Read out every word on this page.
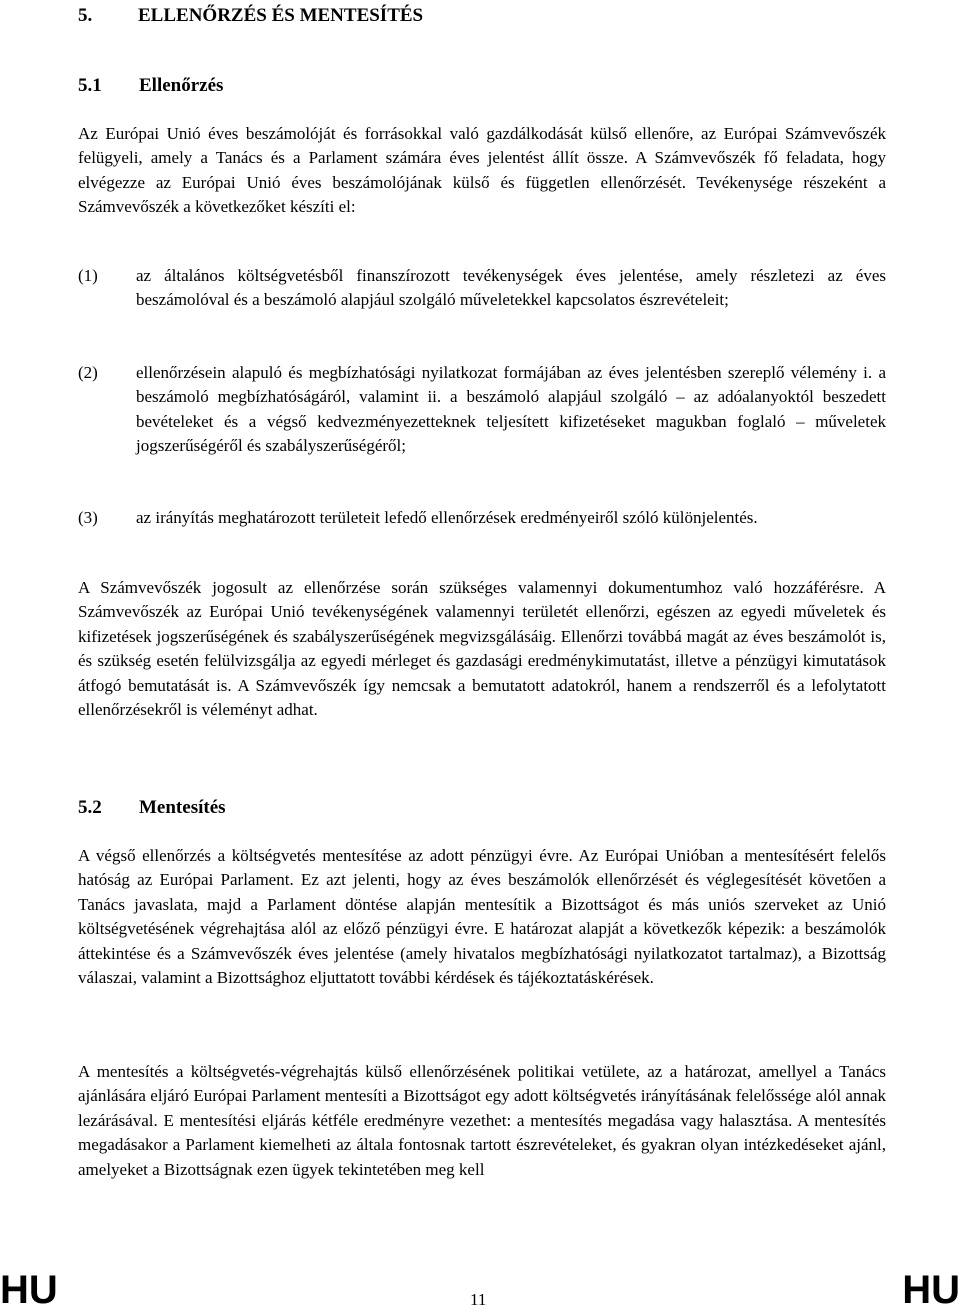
5. ELLENŐRZÉS ÉS MENTESÍTÉS
5.1 Ellenőrzés

Az Európai Unió éves beszámolóját és forrásokkal való gazdálkodását külső ellenőre, az Európai Számvevőszék felügyeli, amely a Tanács és a Parlament számára éves jelentést állít össze. A Számvevőszék fő feladata, hogy elvégezze az Európai Unió éves beszámolójának külső és független ellenőrzését. Tevékenysége részeként a Számvevőszék a következőket készíti el:

(1) az általános költségvetésből finanszírozott tevékenységek éves jelentése, amely részletezi az éves beszámolóval és a beszámoló alapjául szolgáló műveletekkel kapcsolatos észrevételeit;

(2) ellenőrzésein alapuló és megbízhatósági nyilatkozat formájában az éves jelentésben szereplő vélemény i. a beszámoló megbízhatóságáról, valamint ii. a beszámoló alapjául szolgáló – az adóalanyoktól beszedett bevételeket és a végső kedvezményezetteknek teljesített kifizetéseket magukban foglaló – műveletek jogszerűségéről és szabályszerűségéről;

(3) az irányítás meghatározott területeit lefedő ellenőrzések eredményeiről szóló különjelentés.

A Számvevőszék jogosult az ellenőrzése során szükséges valamennyi dokumentumhoz való hozzáférésre. A Számvevőszék az Európai Unió tevékenységének valamennyi területét ellenőrzi, egészen az egyedi műveletek és kifizetések jogszerűségének és szabályszerűségének megvizsgálásáig. Ellenőrzi továbbá magát az éves beszámolót is, és szükség esetén felülvizsgálja az egyedi mérleget és gazdasági eredménykimutatást, illetve a pénzügyi kimutatások átfogó bemutatását is. A Számvevőszék így nemcsak a bemutatott adatokról, hanem a rendszerről és a lefolytatott ellenőrzésekről is véleményt adhat.

5.2 Mentesítés

A végső ellenőrzés a költségvetés mentesítése az adott pénzügyi évre. Az Európai Unióban a mentesítésért felelős hatóság az Európai Parlament. Ez azt jelenti, hogy az éves beszámolók ellenőrzését és véglegesítését követően a Tanács javaslata, majd a Parlament döntése alapján mentesítik a Bizottságot és más uniós szerveket az Unió költségvetésének végrehajtása alól az előző pénzügyi évre. E határozat alapját a következők képezik: a beszámolók áttekintése és a Számvevőszék éves jelentése (amely hivatalos megbízhatósági nyilatkozatot tartalmaz), a Bizottság válaszai, valamint a Bizottsághoz eljuttatott további kérdések és tájékoztatáskérések.

A mentesítés a költségvetés-végrehajtás külső ellenőrzésének politikai vetülete, az a határozat, amellyel a Tanács ajánlására eljáró Európai Parlament mentesíti a Bizottságot egy adott költségvetés irányításának felelőssége alól annak lezárásával. E mentesítési eljárás kétféle eredményre vezethet: a mentesítés megadása vagy halasztása. A mentesítés megadásakor a Parlament kiemelheti az általa fontosnak tartott észrevételeket, és gyakran olyan intézkedéseket ajánl, amelyeket a Bizottságnak ezen ügyek tekintetében meg kell

HU	11	HU
